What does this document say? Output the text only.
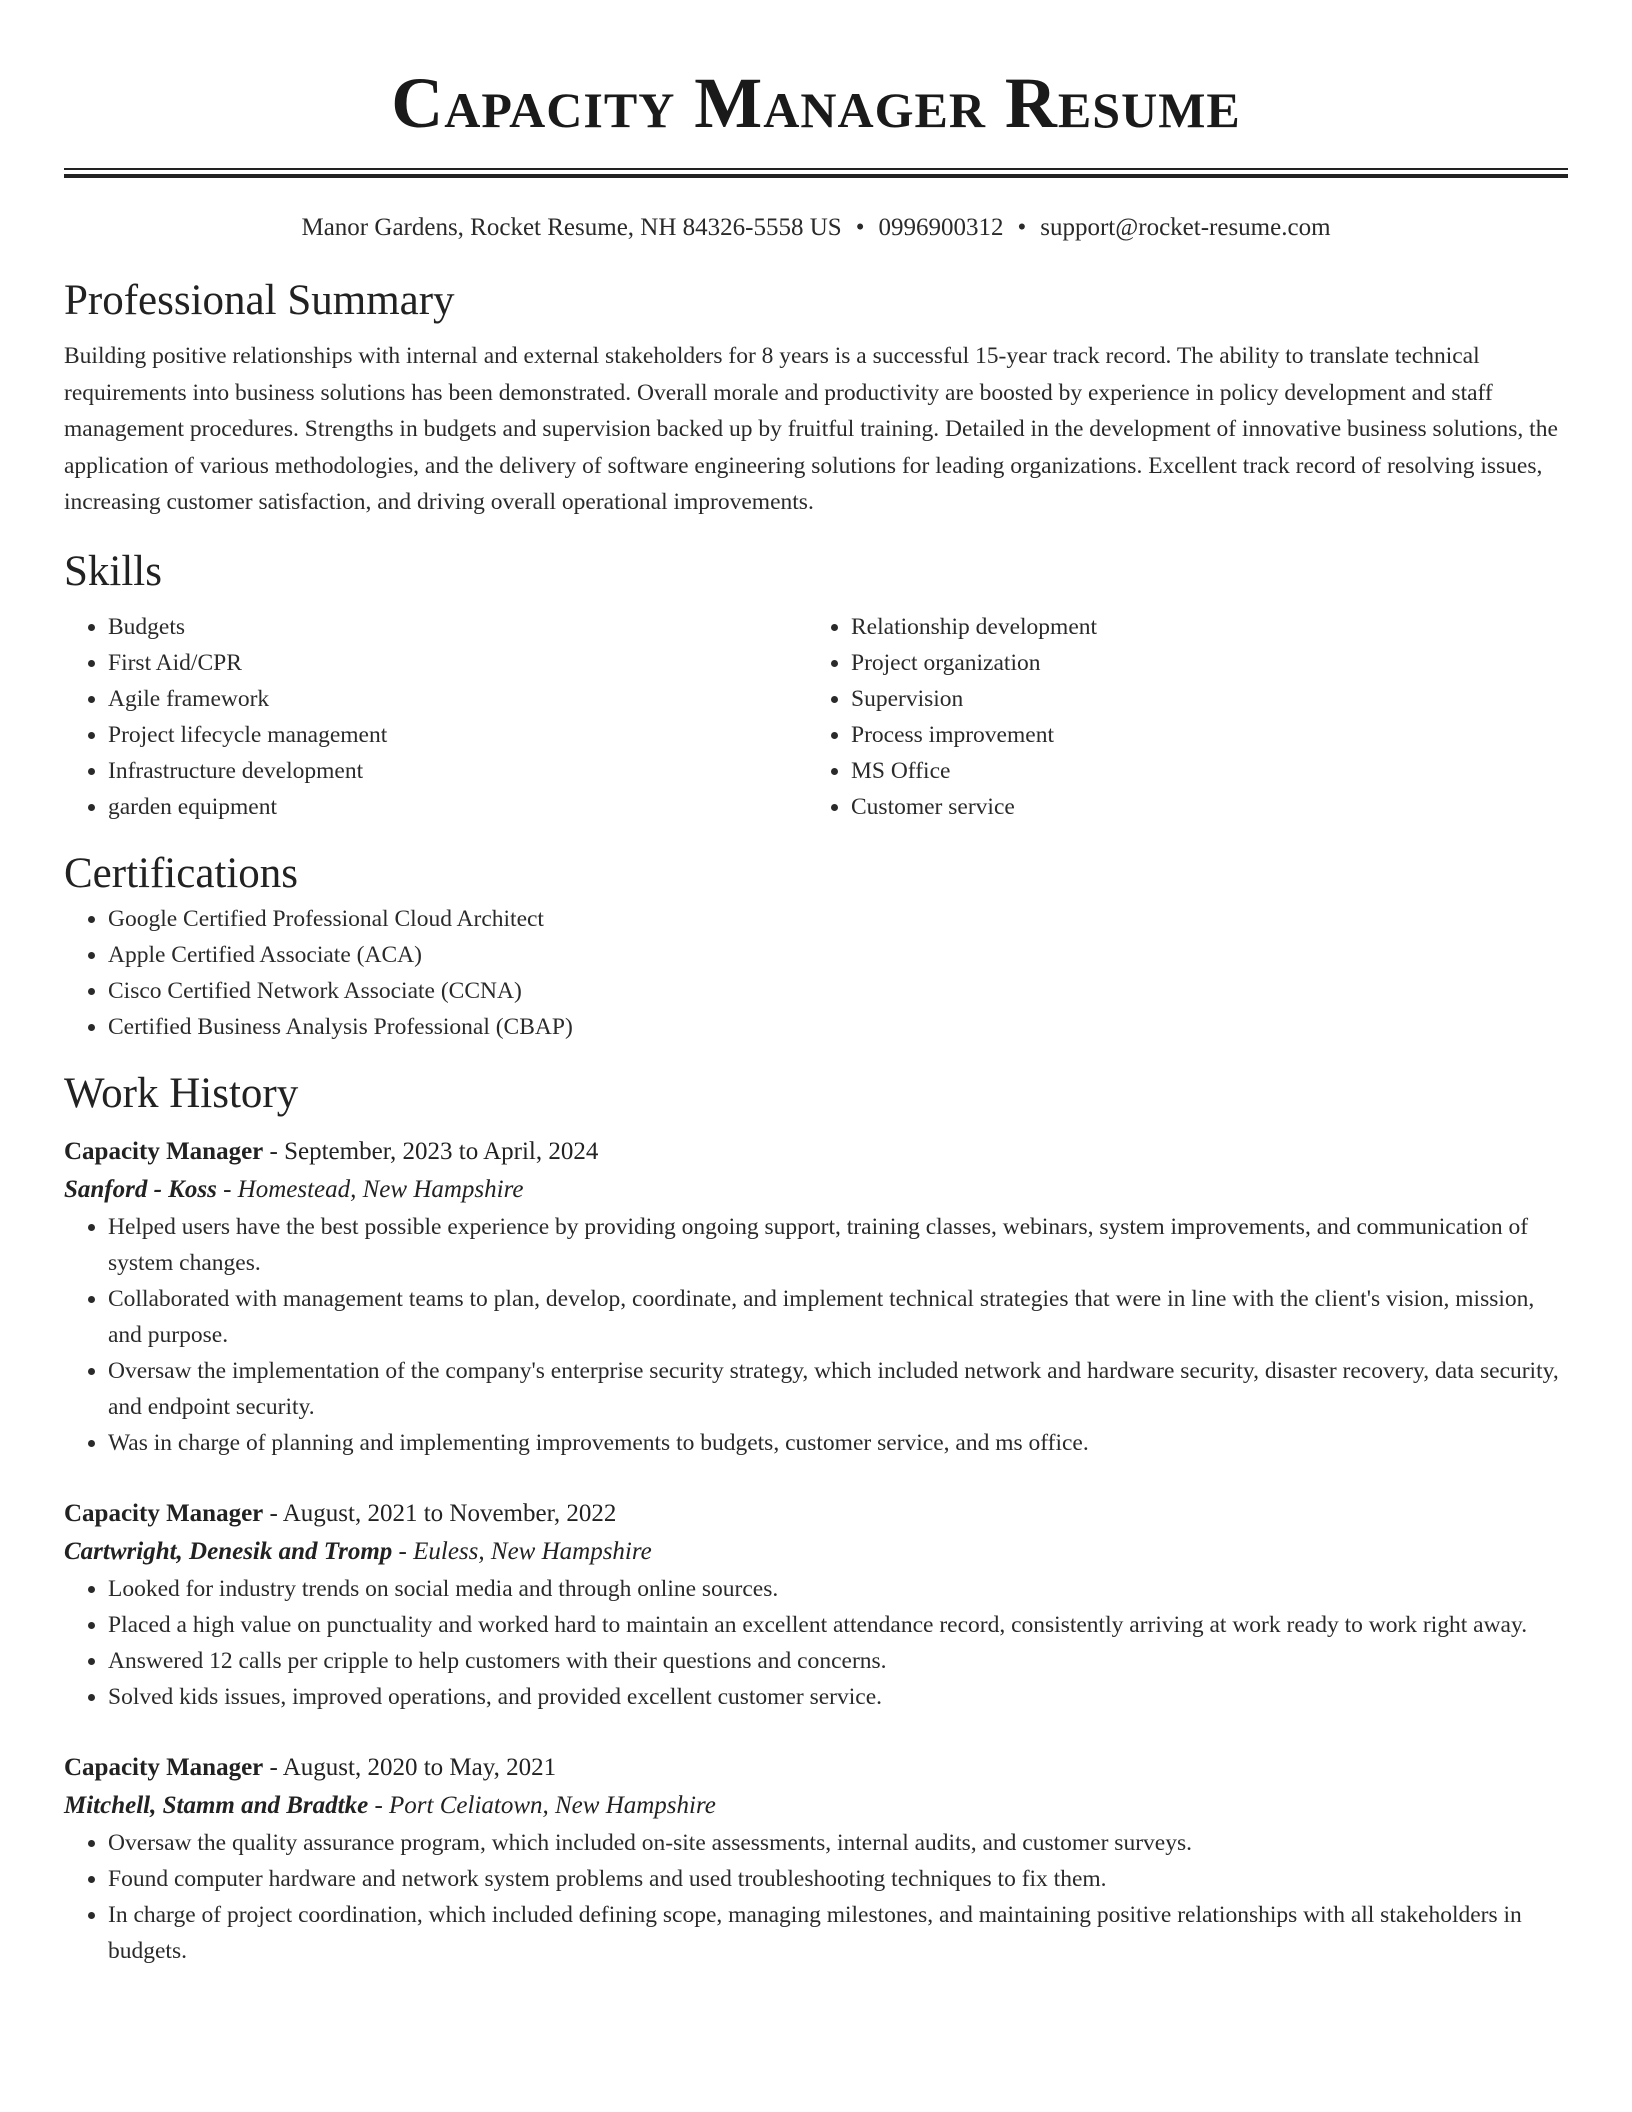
Capacity Manager Resume
Manor Gardens, Rocket Resume, NH 84326-5558 US • 0996900312 • support@rocket-resume.com
Professional Summary

Building positive relationships with internal and external stakeholders for 8 years is a successful 15-year track record. The ability to translate technical requirements into business solutions has been demonstrated. Overall morale and productivity are boosted by experience in policy development and staff management procedures. Strengths in budgets and supervision backed up by fruitful training. Detailed in the development of innovative business solutions, the application of various methodologies, and the delivery of software engineering solutions for leading organizations. Excellent track record of resolving issues, increasing customer satisfaction, and driving overall operational improvements.

Skills
• Budgets
• First Aid/CPR
• Agile framework
• Project lifecycle management
• Infrastructure development
• garden equipment
• Relationship development
• Project organization
• Supervision
• Process improvement
• MS Office
• Customer service
Certifications
• Google Certified Professional Cloud Architect
• Apple Certified Associate (ACA)
• Cisco Certified Network Associate (CCNA)
• Certified Business Analysis Professional (CBAP)
Work History
Capacity Manager - September, 2023 to April, 2024
Sanford - Koss - Homestead, New Hampshire
• Helped users have the best possible experience by providing ongoing support, training classes, webinars, system improvements, and communication of system changes.
• Collaborated with management teams to plan, develop, coordinate, and implement technical strategies that were in line with the client's vision, mission, and purpose.
• Oversaw the implementation of the company's enterprise security strategy, which included network and hardware security, disaster recovery, data security, and endpoint security.
• Was in charge of planning and implementing improvements to budgets, customer service, and ms office.
Capacity Manager - August, 2021 to November, 2022
Cartwright, Denesik and Tromp - Euless, New Hampshire
• Looked for industry trends on social media and through online sources.
• Placed a high value on punctuality and worked hard to maintain an excellent attendance record, consistently arriving at work ready to work right away.
• Answered 12 calls per cripple to help customers with their questions and concerns.
• Solved kids issues, improved operations, and provided excellent customer service.
Capacity Manager - August, 2020 to May, 2021
Mitchell, Stamm and Bradtke - Port Celiatown, New Hampshire
• Oversaw the quality assurance program, which included on-site assessments, internal audits, and customer surveys.
• Found computer hardware and network system problems and used troubleshooting techniques to fix them.
• In charge of project coordination, which included defining scope, managing milestones, and maintaining positive relationships with all stakeholders in budgets.
